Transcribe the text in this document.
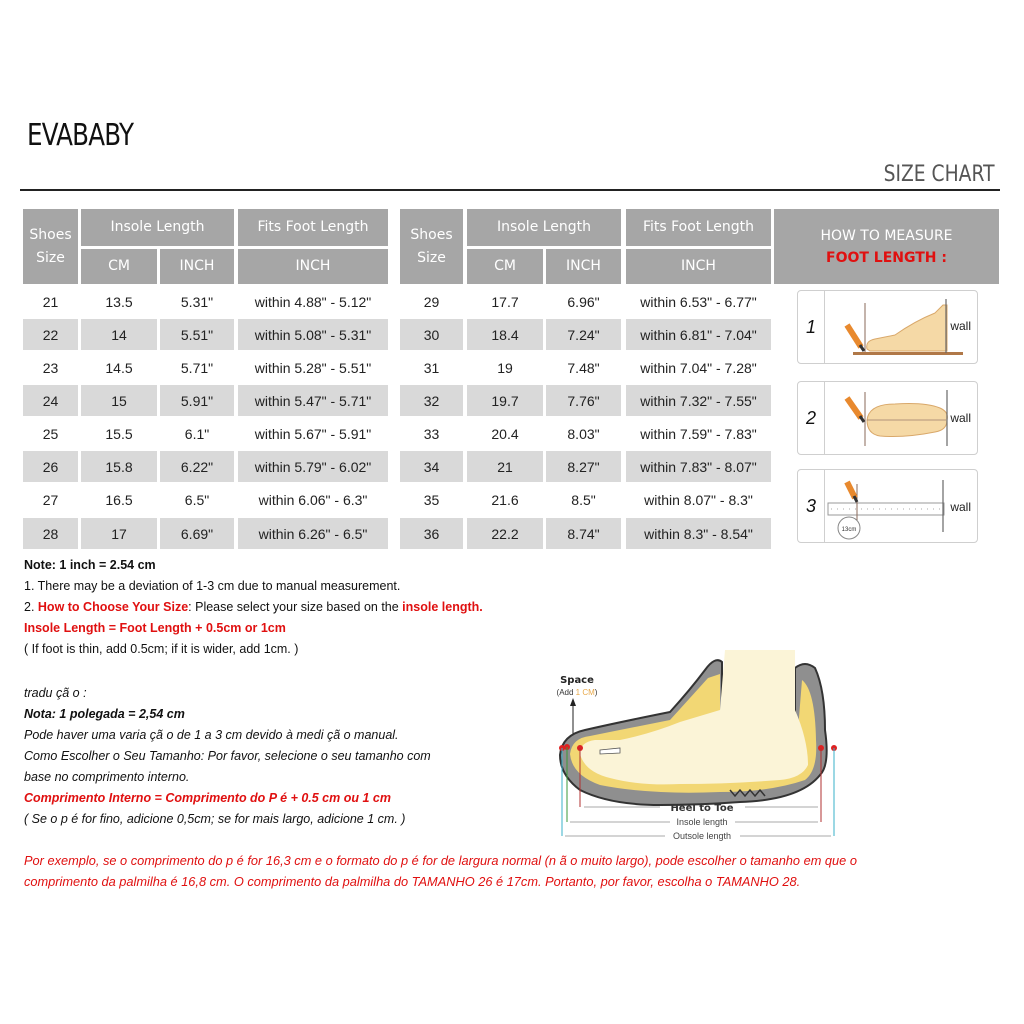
EVABABY
SIZE CHART
Shoes
Size
Insole Length	Fits Foot Length
CM	INCH	INCH
21	13.5	5.31"	within 4.88" - 5.12"
22	14	5.51"	within 5.08" - 5.31"
23	14.5	5.71"	within 5.28" - 5.51"
24	15	5.91"	within 5.47" - 5.71"
25	15.5	6.1"	within 5.67" - 5.91"
26	15.8	6.22"	within 5.79" - 6.02"
27	16.5	6.5"	within 6.06" - 6.3"
28	17	6.69"	within 6.26" - 6.5"
Shoes
Size
Insole Length	Fits Foot Length
CM	INCH	INCH
29	17.7	6.96"	within 6.53" - 6.77"
30	18.4	7.24"	within 6.81" - 7.04"
31	19	7.48"	within 7.04" - 7.28"
32	19.7	7.76"	within 7.32" - 7.55"
33	20.4	8.03"	within 7.59" - 7.83"
34	21	8.27"	within 7.83" - 8.07"
35	21.6	8.5"	within 8.07" - 8.3"
36	22.2	8.74"	within 8.3" - 8.54"
HOW TO MEASURE
FOOT LENGTH :
1	wall
2	wall
3
13cm
wall
Note: 1 inch = 2.54 cm
1. There may be a deviation of 1-3 cm due to manual measurement.
2. How to Choose Your Size: Please select your size based on the insole length.
Insole Length = Foot Length + 0.5cm or 1cm
( If foot is thin, add 0.5cm; if it is wider, add 1cm. )
tradu çã o :
Nota: 1 polegada = 2,54 cm
Pode haver uma varia çã o de 1 a 3 cm devido à medi çã o manual.
Como Escolher o Seu Tamanho: Por favor, selecione o seu tamanho com
base no comprimento interno.
Comprimento Interno = Comprimento do P é + 0.5 cm ou 1 cm
( Se o p é for fino, adicione 0,5cm; se for mais largo, adicione 1 cm. )
Space
(Add 1 CM)
Heel to Toe
Insole length
Outsole length
Por exemplo, se o comprimento do p é for 16,3 cm e o formato do p é for de largura normal (n ã o muito largo), pode escolher o tamanho em que o
comprimento da palmilha é 16,8 cm. O comprimento da palmilha do TAMANHO 26 é 17cm. Portanto, por favor, escolha o TAMANHO 28.
